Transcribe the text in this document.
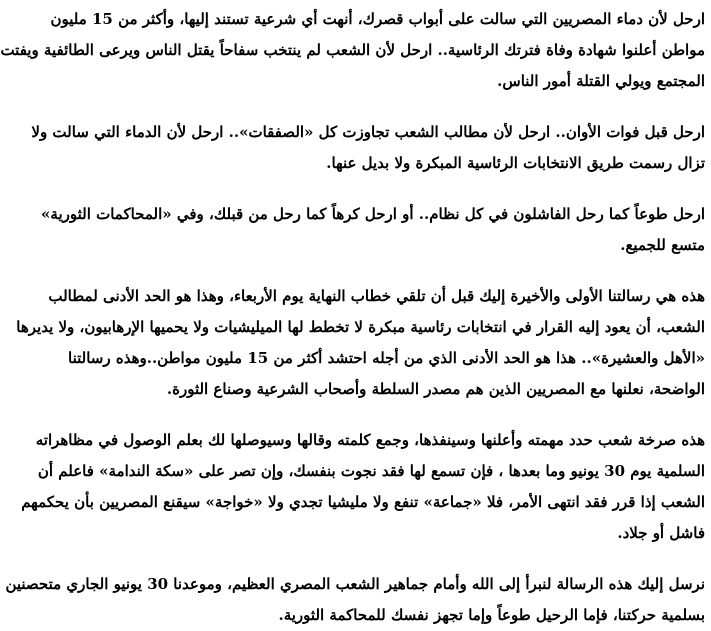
ارحل لأن دماء المصريين التي سالت على أبواب قصرك، أنهت أي شرعية تستند إليها، وأكثر من 15 مليون
مواطن أعلنوا شهادة وفاة فترتك الرئاسية.. ارحل لأن الشعب لم ينتخب سفاحاً يقتل الناس ويرعى الطائفية ويفتت
المجتمع ويولي القتلة أمور الناس.

ارحل قبل فوات الأوان.. ارحل لأن مطالب الشعب تجاوزت كل «الصفقات».. ارحل لأن الدماء التي سالت ولا
تزال رسمت طريق الانتخابات الرئاسية المبكرة ولا بديل عنها.

ارحل طوعاً كما رحل الفاشلون في كل نظام.. أو ارحل كرهاً كما رحل من قبلك، وفي «المحاكمات الثورية»
متسع للجميع.

هذه هي رسالتنا الأولى والأخيرة إليك قبل أن تلقي خطاب النهاية يوم الأربعاء، وهذا هو الحد الأدنى لمطالب
الشعب، أن يعود إليه القرار في انتخابات رئاسية مبكرة لا تخطط لها الميليشيات ولا يحميها الإرهابيون، ولا يديرها
«الأهل والعشيرة».. هذا هو الحد الأدنى الذي من أجله احتشد أكثر من 15 مليون مواطن..وهذه رسالتنا
الواضحة، نعلنها مع المصريين الذين هم مصدر السلطة وأصحاب الشرعية وصناع الثورة.

هذه صرخة شعب حدد مهمته وأعلنها وسينفذها، وجمع كلمته وقالها وسيوصلها لك بعلم الوصول في مظاهراته
السلمية يوم 30 يونيو وما بعدها ، فإن تسمع لها فقد نجوت بنفسك، وإن تصر على «سكة الندامة» فاعلم أن
الشعب إذا قرر فقد انتهى الأمر، فلا «جماعة» تنفع ولا مليشيا تجدي ولا «خواجة» سيقنع المصريين بأن يحكمهم
فاشل أو جلاد.

نرسل إليك هذه الرسالة لنبرأ إلى الله وأمام جماهير الشعب المصري العظيم، وموعدنا 30 يونيو الجاري متحصنين
بسلمية حركتنا، فإما الرحيل طوعاً وإما تجهز نفسك للمحاكمة الثورية.
